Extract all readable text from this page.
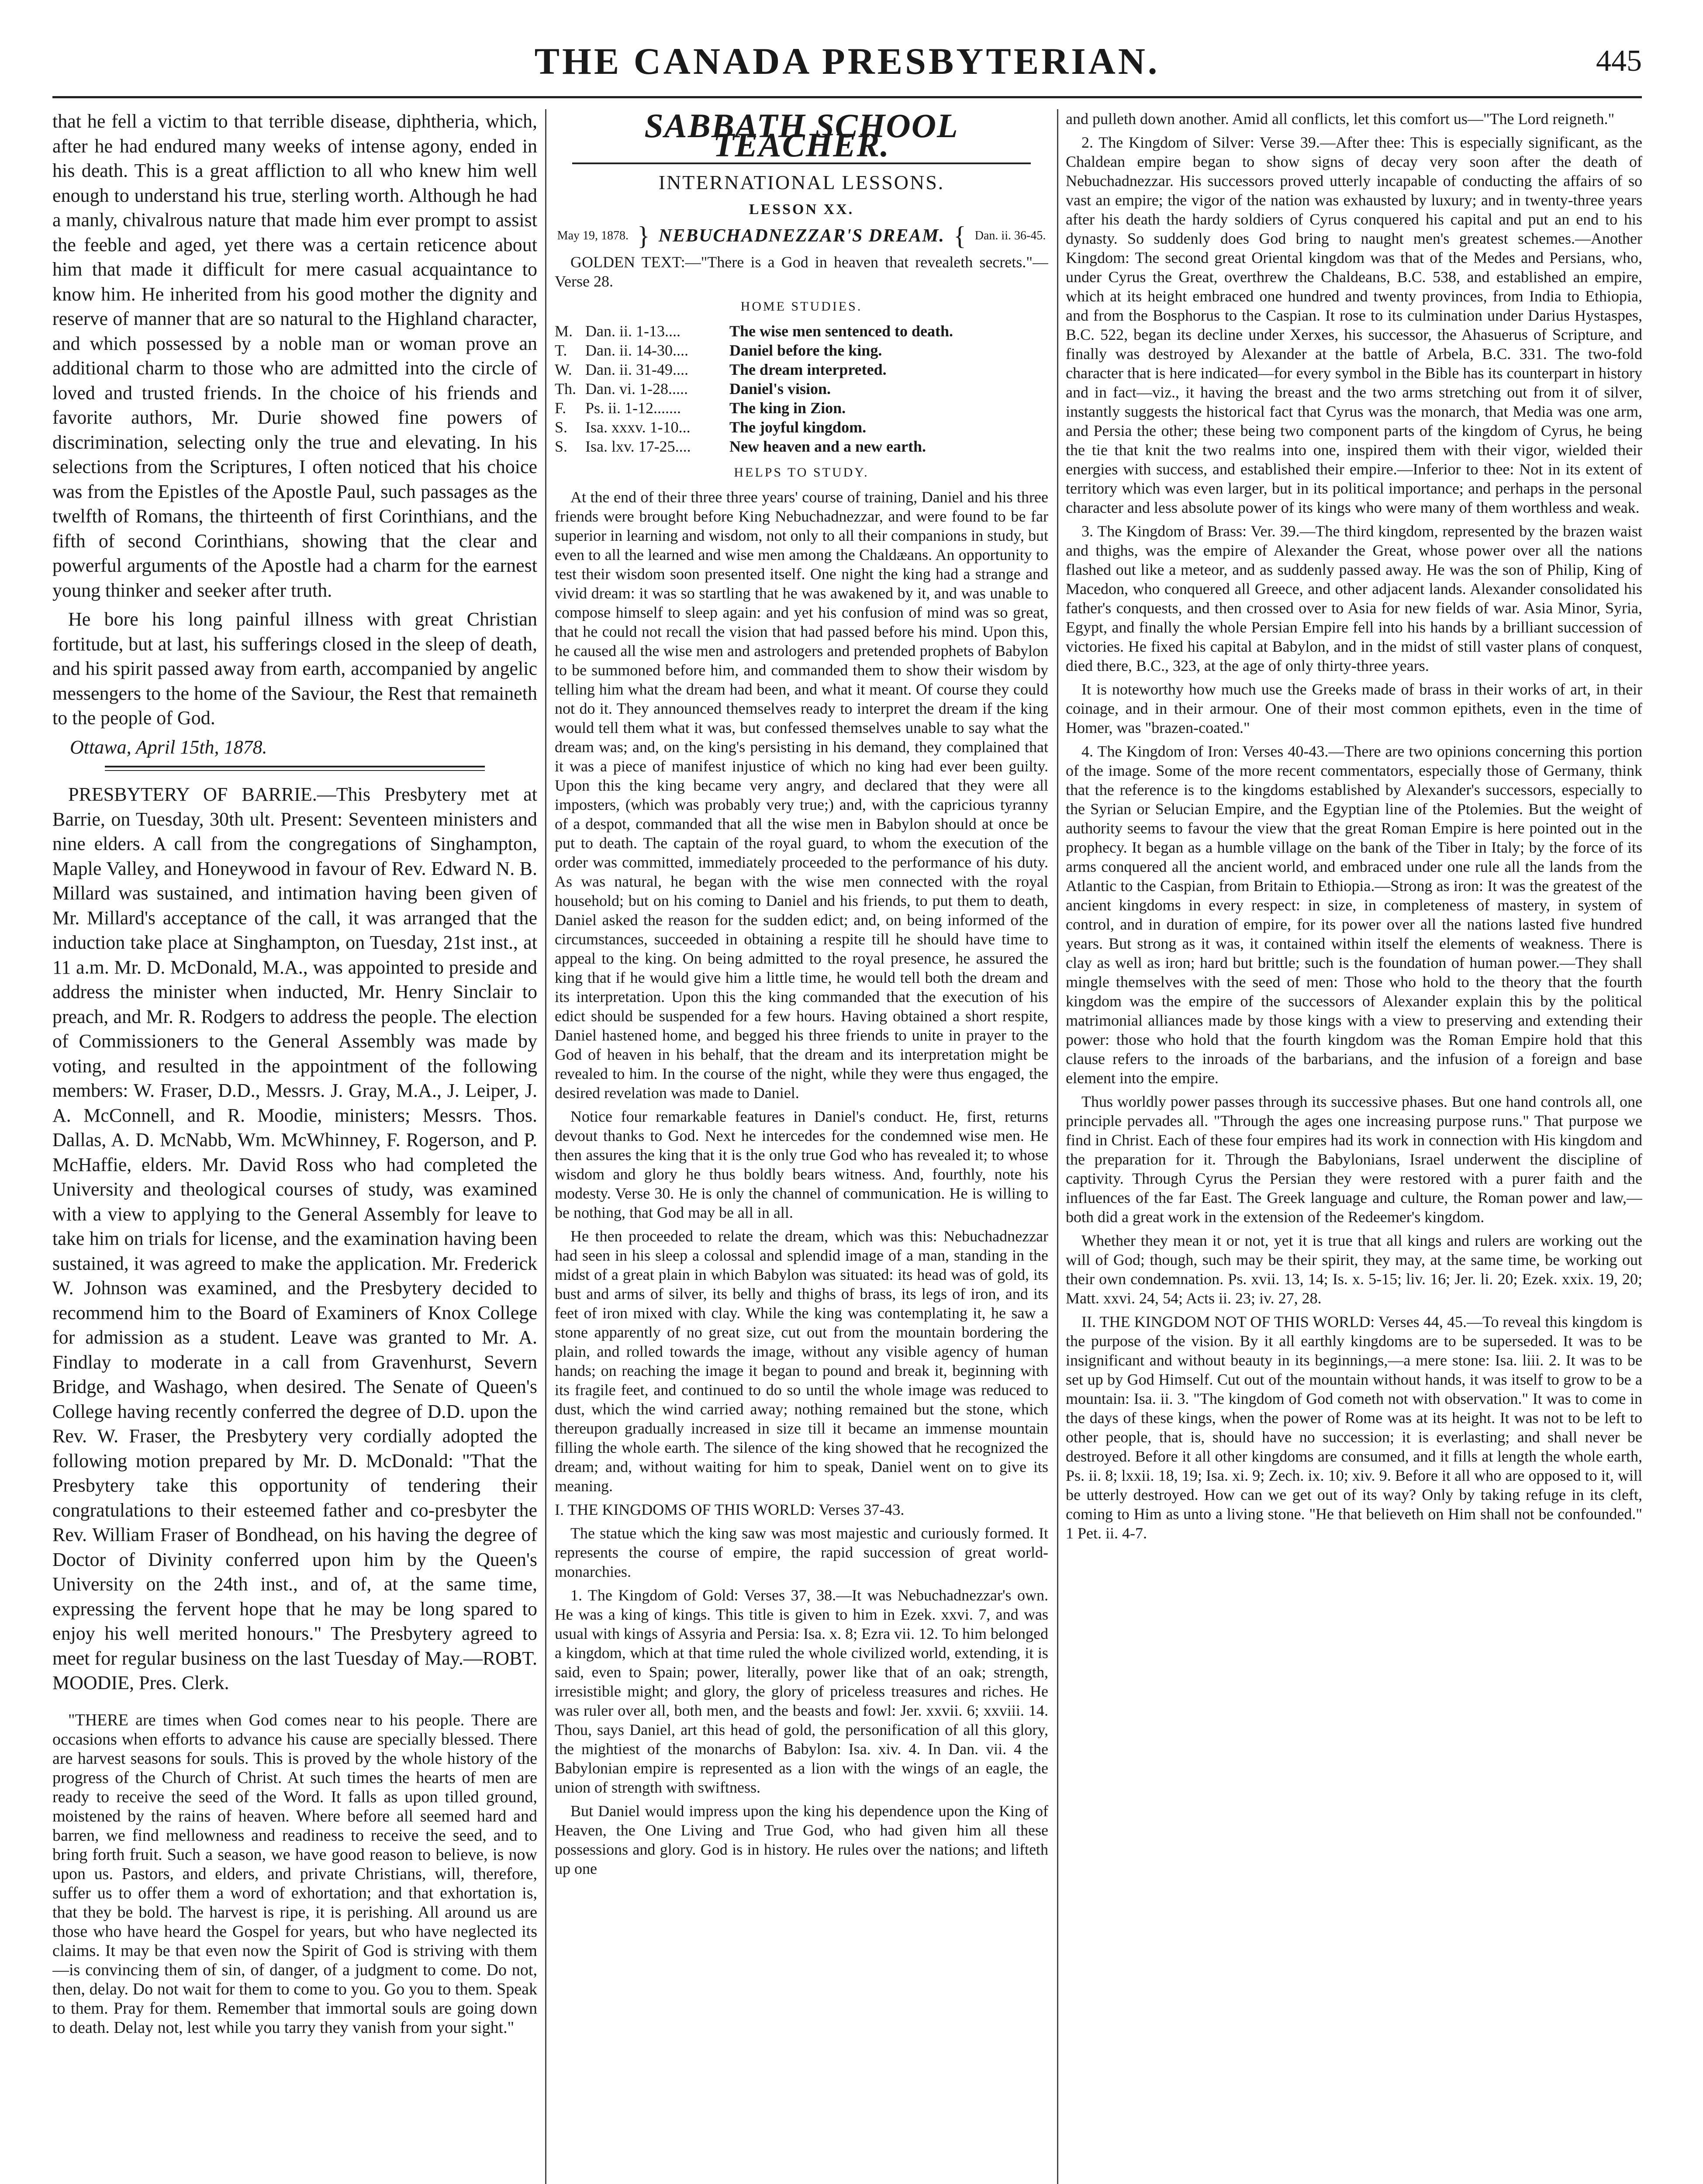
THE CANADA PRESBYTERIAN.	445

that he fell a victim to that terrible disease, diphtheria, which, after he had endured many weeks of intense agony, ended in his death. This is a great affliction to all who knew him well enough to understand his true, sterling worth. Although he had a manly, chivalrous nature that made him ever prompt to assist the feeble and aged, yet there was a certain reticence about him that made it difficult for mere casual acquaintance to know him. He inherited from his good mother the dignity and reserve of manner that are so natural to the Highland character, and which possessed by a noble man or woman prove an additional charm to those who are admitted into the circle of loved and trusted friends. In the choice of his friends and favorite authors, Mr. Durie showed fine powers of discrimination, selecting only the true and elevating. In his selections from the Scriptures, I often noticed that his choice was from the Epistles of the Apostle Paul, such passages as the twelfth of Romans, the thirteenth of first Corinthians, and the fifth of second Corinthians, showing that the clear and powerful arguments of the Apostle had a charm for the earnest young thinker and seeker after truth.

He bore his long painful illness with great Christian fortitude, but at last, his sufferings closed in the sleep of death, and his spirit passed away from earth, accompanied by angelic messengers to the home of the Saviour, the Rest that remaineth to the people of God.

Ottawa, April 15th, 1878.

PRESBYTERY OF BARRIE.—This Presbytery met at Barrie, on Tuesday, 30th ult. Present: Seventeen ministers and nine elders. A call from the congregations of Singhampton, Maple Valley, and Honeywood in favour of Rev. Edward N. B. Millard was sustained, and intimation having been given of Mr. Millard's acceptance of the call, it was arranged that the induction take place at Singhampton, on Tuesday, 21st inst., at 11 a.m. Mr. D. McDonald, M.A., was appointed to preside and address the minister when inducted, Mr. Henry Sinclair to preach, and Mr. R. Rodgers to address the people. The election of Commissioners to the General Assembly was made by voting, and resulted in the appointment of the following members: W. Fraser, D.D., Messrs. J. Gray, M.A., J. Leiper, J. A. McConnell, and R. Moodie, ministers; Messrs. Thos. Dallas, A. D. McNabb, Wm. McWhinney, F. Rogerson, and P. McHaffie, elders. Mr. David Ross who had completed the University and theological courses of study, was examined with a view to applying to the General Assembly for leave to take him on trials for license, and the examination having been sustained, it was agreed to make the application. Mr. Frederick W. Johnson was examined, and the Presbytery decided to recommend him to the Board of Examiners of Knox College for admission as a student. Leave was granted to Mr. A. Findlay to moderate in a call from Gravenhurst, Severn Bridge, and Washago, when desired. The Senate of Queen's College having recently conferred the degree of D.D. upon the Rev. W. Fraser, the Presbytery very cordially adopted the following motion prepared by Mr. D. McDonald: "That the Presbytery take this opportunity of tendering their congratulations to their esteemed father and co-presbyter the Rev. William Fraser of Bondhead, on his having the degree of Doctor of Divinity conferred upon him by the Queen's University on the 24th inst., and of, at the same time, expressing the fervent hope that he may be long spared to enjoy his well merited honours." The Presbytery agreed to meet for regular business on the last Tuesday of May.—ROBT. MOODIE, Pres. Clerk.

"THERE are times when God comes near to his people. There are occasions when efforts to advance his cause are specially blessed. There are harvest seasons for souls. This is proved by the whole history of the progress of the Church of Christ. At such times the hearts of men are ready to receive the seed of the Word. It falls as upon tilled ground, moistened by the rains of heaven. Where before all seemed hard and barren, we find mellowness and readiness to receive the seed, and to bring forth fruit. Such a season, we have good reason to believe, is now upon us. Pastors, and elders, and private Christians, will, therefore, suffer us to offer them a word of exhortation; and that exhortation is, that they be bold. The harvest is ripe, it is perishing. All around us are those who have heard the Gospel for years, but who have neglected its claims. It may be that even now the Spirit of God is striving with them—is convincing them of sin, of danger, of a judgment to come. Do not, then, delay. Do not wait for them to come to you. Go you to them. Speak to them. Pray for them. Remember that immortal souls are going down to death. Delay not, lest while you tarry they vanish from your sight."

SABBATH SCHOOL TEACHER.
INTERNATIONAL LESSONS.
LESSON XX.
May 19, 1878. } NEBUCHADNEZZAR'S DREAM. { Dan. ii. 36-45.

GOLDEN TEXT:—"There is a God in heaven that revealeth secrets."—Verse 28.

HOME STUDIES.
M. Dan. ii. 1-13....	The wise men sentenced to death.
T.	Dan. ii. 14-30....	Daniel before the king.
W. Dan. ii. 31-49....	The dream interpreted.
Th. Dan. vi. 1-28.....	Daniel's vision.
F.	Ps. ii. 1-12.......	The king in Zion.
S.	Isa. xxxv. 1-10...	The joyful kingdom.
S.	Isa. lxv. 17-25....	New heaven and a new earth.
HELPS TO STUDY.

At the end of their three three years' course of training, Daniel and his three friends were brought before King Nebuchadnezzar, and were found to be far superior in learning and wisdom, not only to all their companions in study, but even to all the learned and wise men among the Chaldæans. An opportunity to test their wisdom soon presented itself. One night the king had a strange and vivid dream: it was so startling that he was awakened by it, and was unable to compose himself to sleep again: and yet his confusion of mind was so great, that he could not recall the vision that had passed before his mind. Upon this, he caused all the wise men and astrologers and pretended prophets of Babylon to be summoned before him, and commanded them to show their wisdom by telling him what the dream had been, and what it meant. Of course they could not do it. They announced themselves ready to interpret the dream if the king would tell them what it was, but confessed themselves unable to say what the dream was; and, on the king's persisting in his demand, they complained that it was a piece of manifest injustice of which no king had ever been guilty. Upon this the king became very angry, and declared that they were all imposters, (which was probably very true;) and, with the capricious tyranny of a despot, commanded that all the wise men in Babylon should at once be put to death. The captain of the royal guard, to whom the execution of the order was committed, immediately proceeded to the performance of his duty. As was natural, he began with the wise men connected with the royal household; but on his coming to Daniel and his friends, to put them to death, Daniel asked the reason for the sudden edict; and, on being informed of the circumstances, succeeded in obtaining a respite till he should have time to appeal to the king. On being admitted to the royal presence, he assured the king that if he would give him a little time, he would tell both the dream and its interpretation. Upon this the king commanded that the execution of his edict should be suspended for a few hours. Having obtained a short respite, Daniel hastened home, and begged his three friends to unite in prayer to the God of heaven in his behalf, that the dream and its interpretation might be revealed to him. In the course of the night, while they were thus engaged, the desired revelation was made to Daniel.

Notice four remarkable features in Daniel's conduct. He, first, returns devout thanks to God. Next he intercedes for the condemned wise men. He then assures the king that it is the only true God who has revealed it; to whose wisdom and glory he thus boldly bears witness. And, fourthly, note his modesty. Verse 30. He is only the channel of communication. He is willing to be nothing, that God may be all in all.

He then proceeded to relate the dream, which was this: Nebuchadnezzar had seen in his sleep a colossal and splendid image of a man, standing in the midst of a great plain in which Babylon was situated: its head was of gold, its bust and arms of silver, its belly and thighs of brass, its legs of iron, and its feet of iron mixed with clay. While the king was contemplating it, he saw a stone apparently of no great size, cut out from the mountain bordering the plain, and rolled towards the image, without any visible agency of human hands; on reaching the image it began to pound and break it, beginning with its fragile feet, and continued to do so until the whole image was reduced to dust, which the wind carried away; nothing remained but the stone, which thereupon gradually increased in size till it became an immense mountain filling the whole earth. The silence of the king showed that he recognized the dream; and, without waiting for him to speak, Daniel went on to give its meaning.

I. THE KINGDOMS OF THIS WORLD: Verses 37-43.

The statue which the king saw was most majestic and curiously formed. It represents the course of empire, the rapid succession of great world-monarchies.

1. The Kingdom of Gold: Verses 37, 38.—It was Nebuchadnezzar's own. He was a king of kings. This title is given to him in Ezek. xxvi. 7, and was usual with kings of Assyria and Persia: Isa. x. 8; Ezra vii. 12. To him belonged a kingdom, which at that time ruled the whole civilized world, extending, it is said, even to Spain; power, literally, power like that of an oak; strength, irresistible might; and glory, the glory of priceless treasures and riches. He was ruler over all, both men, and the beasts and fowl: Jer. xxvii. 6; xxviii. 14. Thou, says Daniel, art this head of gold, the personification of all this glory, the mightiest of the monarchs of Babylon: Isa. xiv. 4. In Dan. vii. 4 the Babylonian empire is represented as a lion with the wings of an eagle, the union of strength with swiftness.

But Daniel would impress upon the king his dependence upon the King of Heaven, the One Living and True God, who had given him all these possessions and glory. God is in history. He rules over the nations; and lifteth up one

and pulleth down another. Amid all conflicts, let this comfort us—"The Lord reigneth."

2. The Kingdom of Silver: Verse 39.—After thee: This is especially significant, as the Chaldean empire began to show signs of decay very soon after the death of Nebuchadnezzar. His successors proved utterly incapable of conducting the affairs of so vast an empire; the vigor of the nation was exhausted by luxury; and in twenty-three years after his death the hardy soldiers of Cyrus conquered his capital and put an end to his dynasty. So suddenly does God bring to naught men's greatest schemes.—Another Kingdom: The second great Oriental kingdom was that of the Medes and Persians, who, under Cyrus the Great, overthrew the Chaldeans, B.C. 538, and established an empire, which at its height embraced one hundred and twenty provinces, from India to Ethiopia, and from the Bosphorus to the Caspian. It rose to its culmination under Darius Hystaspes, B.C. 522, began its decline under Xerxes, his successor, the Ahasuerus of Scripture, and finally was destroyed by Alexander at the battle of Arbela, B.C. 331. The two-fold character that is here indicated—for every symbol in the Bible has its counterpart in history and in fact—viz., it having the breast and the two arms stretching out from it of silver, instantly suggests the historical fact that Cyrus was the monarch, that Media was one arm, and Persia the other; these being two component parts of the kingdom of Cyrus, he being the tie that knit the two realms into one, inspired them with their vigor, wielded their energies with success, and established their empire.—Inferior to thee: Not in its extent of territory which was even larger, but in its political importance; and perhaps in the personal character and less absolute power of its kings who were many of them worthless and weak.

3. The Kingdom of Brass: Ver. 39.—The third kingdom, represented by the brazen waist and thighs, was the empire of Alexander the Great, whose power over all the nations flashed out like a meteor, and as suddenly passed away. He was the son of Philip, King of Macedon, who conquered all Greece, and other adjacent lands. Alexander consolidated his father's conquests, and then crossed over to Asia for new fields of war. Asia Minor, Syria, Egypt, and finally the whole Persian Empire fell into his hands by a brilliant succession of victories. He fixed his capital at Babylon, and in the midst of still vaster plans of conquest, died there, B.C., 323, at the age of only thirty-three years.

It is noteworthy how much use the Greeks made of brass in their works of art, in their coinage, and in their armour. One of their most common epithets, even in the time of Homer, was "brazen-coated."

4. The Kingdom of Iron: Verses 40-43.—There are two opinions concerning this portion of the image. Some of the more recent commentators, especially those of Germany, think that the reference is to the kingdoms established by Alexander's successors, especially to the Syrian or Selucian Empire, and the Egyptian line of the Ptolemies. But the weight of authority seems to favour the view that the great Roman Empire is here pointed out in the prophecy. It began as a humble village on the bank of the Tiber in Italy; by the force of its arms conquered all the ancient world, and embraced under one rule all the lands from the Atlantic to the Caspian, from Britain to Ethiopia.—Strong as iron: It was the greatest of the ancient kingdoms in every respect: in size, in completeness of mastery, in system of control, and in duration of empire, for its power over all the nations lasted five hundred years. But strong as it was, it contained within itself the elements of weakness. There is clay as well as iron; hard but brittle; such is the foundation of human power.—They shall mingle themselves with the seed of men: Those who hold to the theory that the fourth kingdom was the empire of the successors of Alexander explain this by the political matrimonial alliances made by those kings with a view to preserving and extending their power: those who hold that the fourth kingdom was the Roman Empire hold that this clause refers to the inroads of the barbarians, and the infusion of a foreign and base element into the empire.

Thus worldly power passes through its successive phases. But one hand controls all, one principle pervades all. "Through the ages one increasing purpose runs." That purpose we find in Christ. Each of these four empires had its work in connection with His kingdom and the preparation for it. Through the Babylonians, Israel underwent the discipline of captivity. Through Cyrus the Persian they were restored with a purer faith and the influences of the far East. The Greek language and culture, the Roman power and law,—both did a great work in the extension of the Redeemer's kingdom.

Whether they mean it or not, yet it is true that all kings and rulers are working out the will of God; though, such may be their spirit, they may, at the same time, be working out their own condemnation. Ps. xvii. 13, 14; Is. x. 5-15; liv. 16; Jer. li. 20; Ezek. xxix. 19, 20; Matt. xxvi. 24, 54; Acts ii. 23; iv. 27, 28.

II. THE KINGDOM NOT OF THIS WORLD: Verses 44, 45.—To reveal this kingdom is the purpose of the vision. By it all earthly kingdoms are to be superseded. It was to be insignificant and without beauty in its beginnings,—a mere stone: Isa. liii. 2. It was to be set up by God Himself. Cut out of the mountain without hands, it was itself to grow to be a mountain: Isa. ii. 3. "The kingdom of God cometh not with observation." It was to come in the days of these kings, when the power of Rome was at its height. It was not to be left to other people, that is, should have no succession; it is everlasting; and shall never be destroyed. Before it all other kingdoms are consumed, and it fills at length the whole earth, Ps. ii. 8; lxxii. 18, 19; Isa. xi. 9; Zech. ix. 10; xiv. 9. Before it all who are opposed to it, will be utterly destroyed. How can we get out of its way? Only by taking refuge in its cleft, coming to Him as unto a living stone. "He that believeth on Him shall not be confounded." 1 Pet. ii. 4-7.
